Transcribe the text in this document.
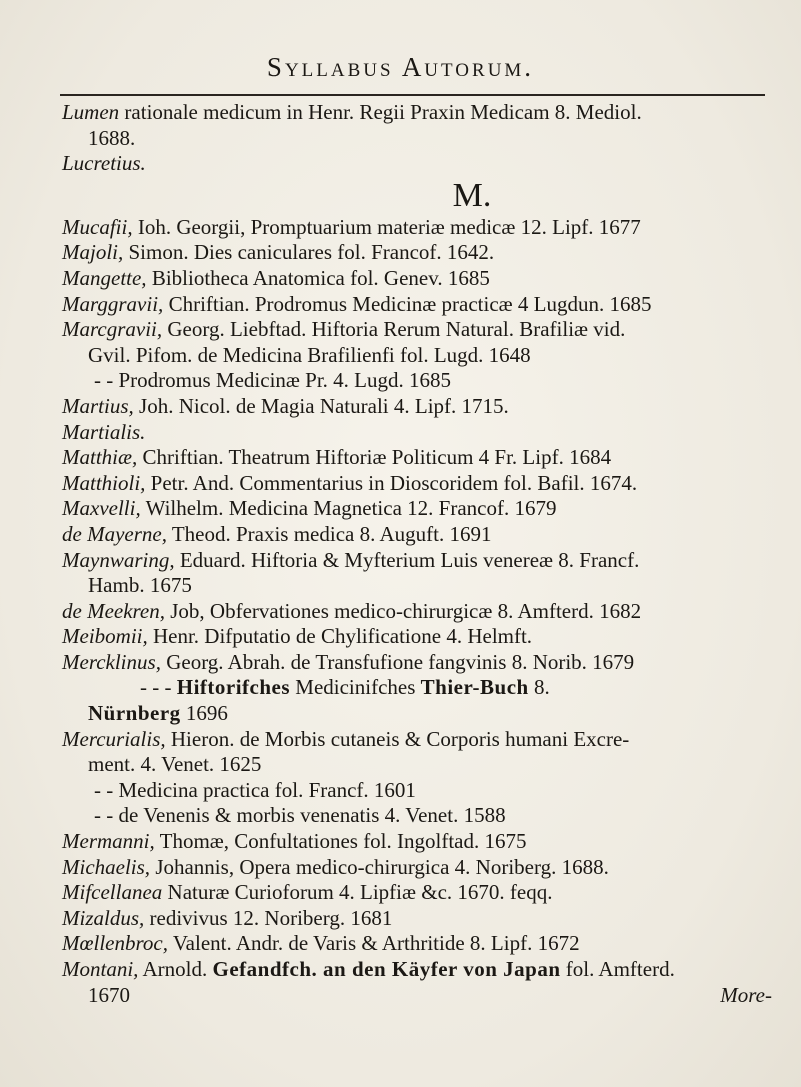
Syllabus Autorum.
Lumen rationale medicum in Henr. Regii Praxin Medicam 8. Mediol.
1688.
Lucretius.
M.
Mucafii, Ioh. Georgii, Promptuarium materiæ medicæ 12. Lipf. 1677
Majoli, Simon. Dies caniculares fol. Francof. 1642.
Mangette, Bibliotheca Anatomica fol. Genev. 1685
Marggravii, Chriftian. Prodromus Medicinæ practicæ 4 Lugdun. 1685
Marcgravii, Georg. Liebftad. Hiftoria Rerum Natural. Brafiliæ vid.
Gvil. Pifom. de Medicina Brafilienfi fol. Lugd. 1648
- - Prodromus Medicinæ Pr. 4. Lugd. 1685
Martius, Joh. Nicol. de Magia Naturali 4. Lipf. 1715.
Martialis.
Matthiæ, Chriftian. Theatrum Hiftoriæ Politicum 4 Fr. Lipf. 1684
Matthioli, Petr. And. Commentarius in Dioscoridem fol. Bafil. 1674.
Maxvelli, Wilhelm. Medicina Magnetica 12. Francof. 1679
de Mayerne, Theod. Praxis medica 8. Auguft. 1691
Maynwaring, Eduard. Hiftoria & Myfterium Luis venereæ 8. Francf.
Hamb. 1675
de Meekren, Job, Obfervationes medico-chirurgicæ 8. Amfterd. 1682
Meibomii, Henr. Difputatio de Chylificatione 4. Helmft.
Mercklinus, Georg. Abrah. de Transfufione fangvinis 8. Norib. 1679
- - - Hiftorifches Medicinifches Thier-Buch 8.
Nürnberg 1696
Mercurialis, Hieron. de Morbis cutaneis & Corporis humani Excre-
ment. 4. Venet. 1625
- - Medicina practica fol. Francf. 1601
- - de Venenis & morbis venenatis 4. Venet. 1588
Mermanni, Thomæ, Confultationes fol. Ingolftad. 1675
Michaelis, Johannis, Opera medico-chirurgica 4. Noriberg. 1688.
Mifcellanea Naturæ Curioforum 4. Lipfiæ &c. 1670. feqq.
Mizaldus, redivivus 12. Noriberg. 1681
Mœllenbroc, Valent. Andr. de Varis & Arthritide 8. Lipf. 1672
Montani, Arnold. Gefandfch. an den Käyfer von Japan fol. Amfterd.
1670	More-
